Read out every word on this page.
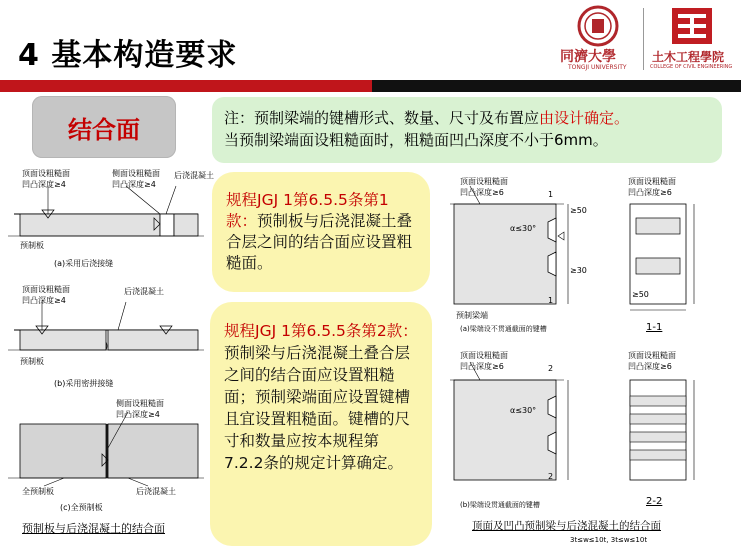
4 基本构造要求	同濟大學
TONGJI UNIVERSITY
土木工程學院
COLLEGE OF CIVIL ENGINEERING
结合面	注：预制梁端的键槽形式、数量、尺寸及布置应由设计确定。
当预制梁端面设粗糙面时，粗糙面凹凸深度不小于6mm。
规程JGJ 1第6.5.5条第1款：预制板与后浇混凝土叠合层之间的结合面应设置粗糙面。
规程JGJ 1第6.5.5条第2款：预制梁与后浇混凝土叠合层之间的结合面应设置粗糙面；预制梁端面应设置键槽且宜设置粗糙面。键槽的尺寸和数量应按本规程第7.2.2条的规定计算确定。
顶面设粗糙面
凹凸深度≥4
侧面设粗糙面
凹凸深度≥4
后浇混凝土
预制板
(a)采用后浇接缝
顶面设粗糙面
凹凸深度≥4
后浇混凝土
预制板
(b)采用密拼接缝
侧面设粗糙面
凹凸深度≥4
全预制板	后浇混凝土
(c)全预制板
预制板与后浇混凝土的结合面
顶面设粗糙面
凹凸深度≥6
α≤30°
预制梁端
≥50
≥30
(a)梁端设不贯通截面的键槽
顶面设粗糙面
凹凸深度≥6
≥50
1-1
顶面设粗糙面
凹凸深度≥6
α≤30°
2
2
1
1
(b)梁端设贯通截面的键槽
顶面设粗糙面
凹凸深度≥6
2-2
顶面及凹凸预制梁与后浇混凝土的结合面
3t≤w≤10t, 3t≤w≤10t
